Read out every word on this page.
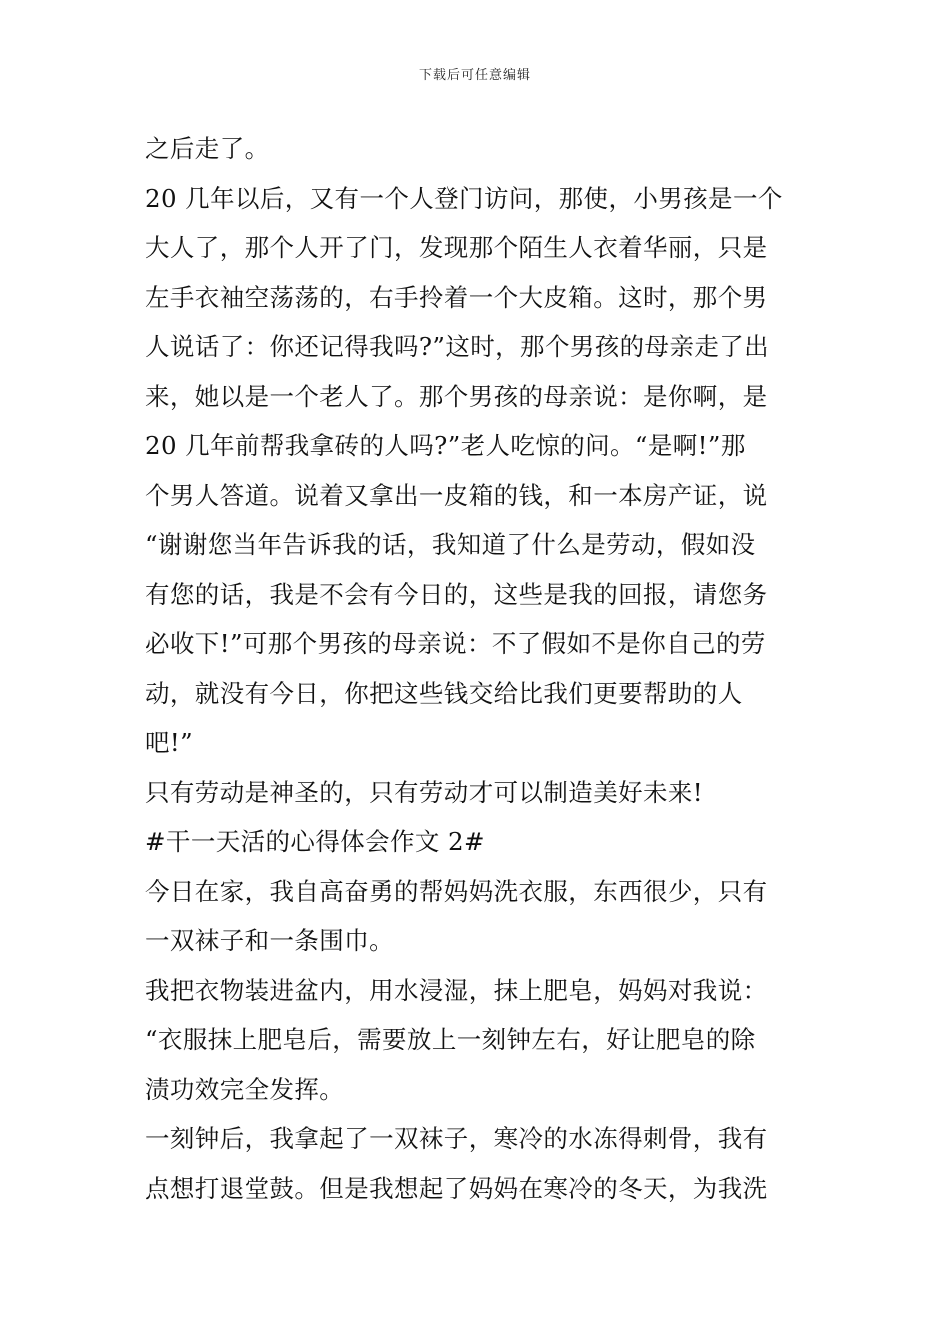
下载后可任意编辑
之后走了。
20 几年以后，又有一个人登门访问，那使，小男孩是一个
大人了，那个人开了门，发现那个陌生人衣着华丽，只是
左手衣袖空荡荡的，右手拎着一个大皮箱。这时，那个男
人说话了：你还记得我吗?”这时，那个男孩的母亲走了出
来，她以是一个老人了。那个男孩的母亲说：是你啊，是
20 几年前帮我拿砖的人吗?”老人吃惊的问。“是啊!”那
个男人答道。说着又拿出一皮箱的钱，和一本房产证，说
“谢谢您当年告诉我的话，我知道了什么是劳动，假如没
有您的话，我是不会有今日的，这些是我的回报，请您务
必收下!”可那个男孩的母亲说：不了假如不是你自己的劳
动，就没有今日，你把这些钱交给比我们更要帮助的人
吧!”
只有劳动是神圣的，只有劳动才可以制造美好未来!
#干一天活的心得体会作文 2#
今日在家，我自高奋勇的帮妈妈洗衣服，东西很少，只有
一双袜子和一条围巾。
我把衣物装进盆内，用水浸湿，抹上肥皂，妈妈对我说：
“衣服抹上肥皂后，需要放上一刻钟左右，好让肥皂的除
渍功效完全发挥。
一刻钟后，我拿起了一双袜子，寒冷的水冻得刺骨，我有
点想打退堂鼓。但是我想起了妈妈在寒冷的冬天，为我洗
